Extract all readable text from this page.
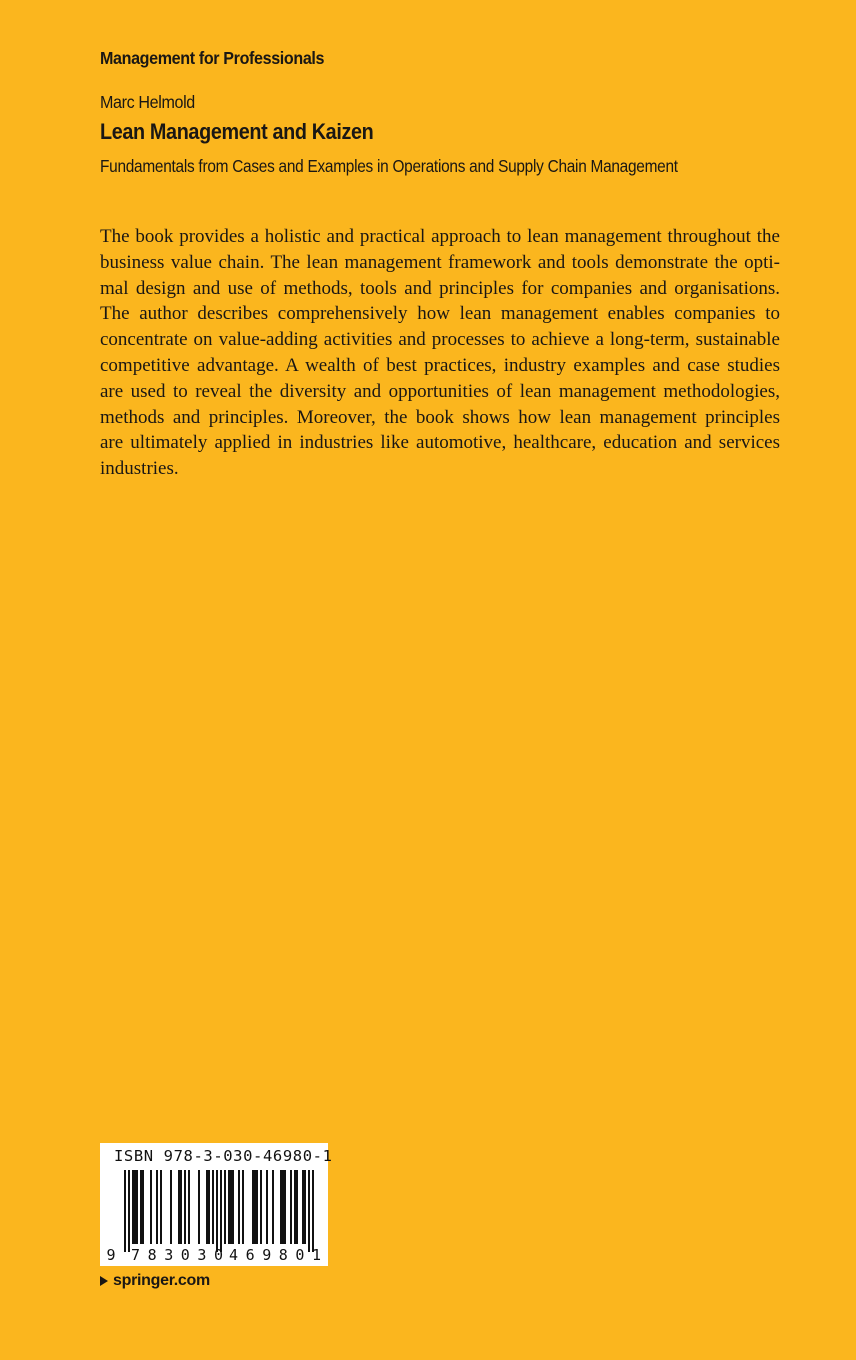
Management for Professionals
Marc Helmold
Lean Management and Kaizen
Fundamentals from Cases and Examples in Operations and Supply Chain Management
The book provides a holistic and practical approach to lean management throughout the
business value chain. The lean management framework and tools demonstrate the opti-
mal design and use of methods, tools and principles for companies and organisations.
The author describes comprehensively how lean management enables companies to
concentrate on value-adding activities and processes to achieve a long-term, sustainable
competitive advantage. A wealth of best practices, industry examples and case studies
are used to reveal the diversity and opportunities of lean management methodologies,
methods and principles. Moreover, the book shows how lean management principles
are ultimately applied in industries like automotive, healthcare, education and services
industries.
ISBN 978-3-030-46980-1
9 783030 469801
springer.com
